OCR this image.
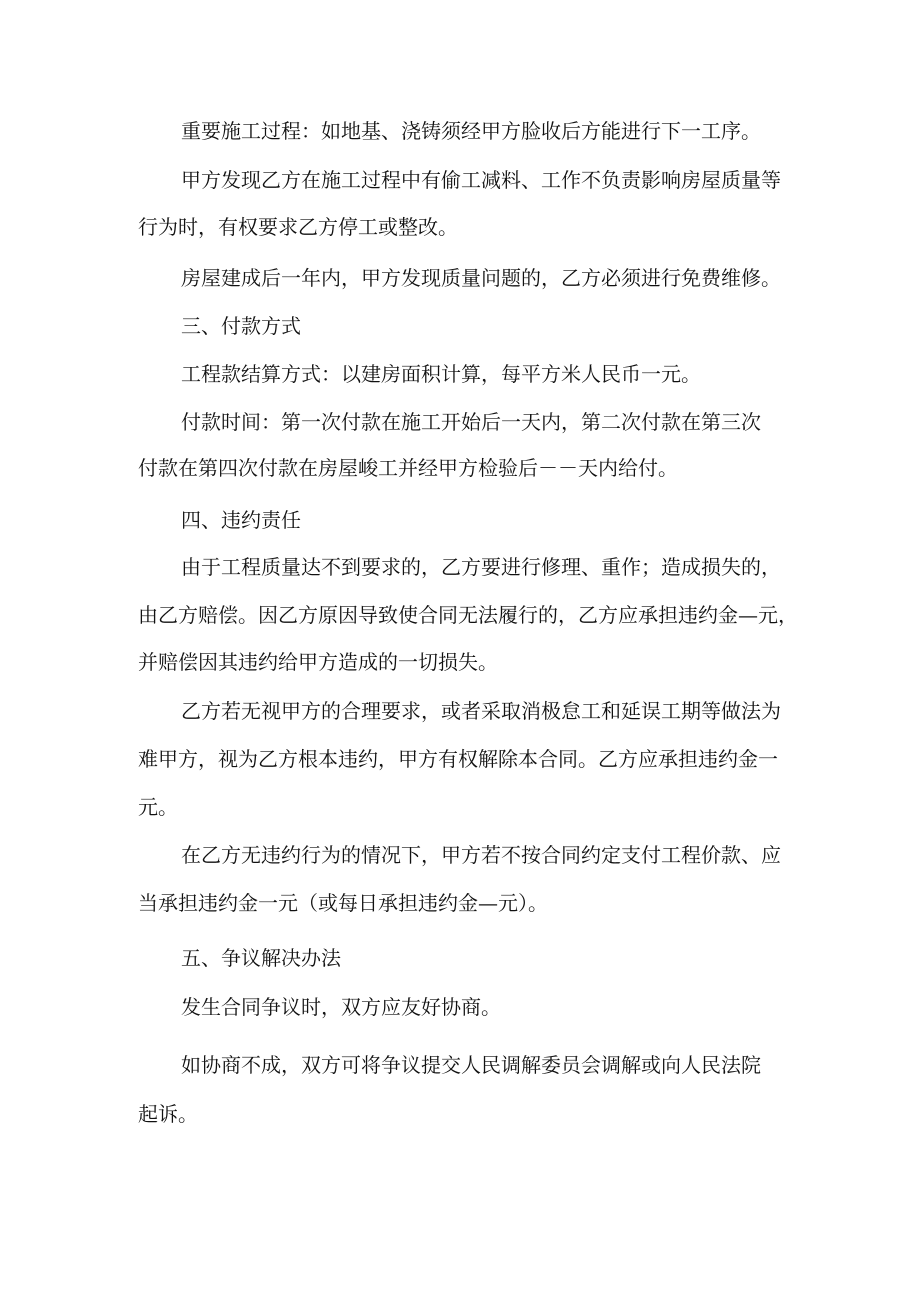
重要施工过程：如地基、浇铸须经甲方脸收后方能进行下一工序。

甲方发现乙方在施工过程中有偷工减料、工作不负责影响房屋质量等

行为时，有权要求乙方停工或整改。

房屋建成后一年内，甲方发现质量问题的，乙方必须进行免费维修。

三、付款方式

工程款结算方式：以建房面积计算，每平方米人民币一元。

付款时间：第一次付款在施工开始后一天内，第二次付款在第三次

付款在第四次付款在房屋峻工并经甲方检验后－－天内给付。

四、违约责任

由于工程质量达不到要求的，乙方要进行修理、重作；造成损失的，

由乙方赔偿。因乙方原因导致使合同无法履行的，乙方应承担违约金—元，

并赔偿因其违约给甲方造成的一切损失。

乙方若无视甲方的合理要求，或者采取消极怠工和延误工期等做法为

难甲方，视为乙方根本违约，甲方有权解除本合同。乙方应承担违约金一

元。

在乙方无违约行为的情况下，甲方若不按合同约定支付工程价款、应

当承担违约金一元（或每日承担违约金—元）。

五、争议解决办法

发生合同争议时，双方应友好协商。

如协商不成，双方可将争议提交人民调解委员会调解或向人民法院

起诉。
